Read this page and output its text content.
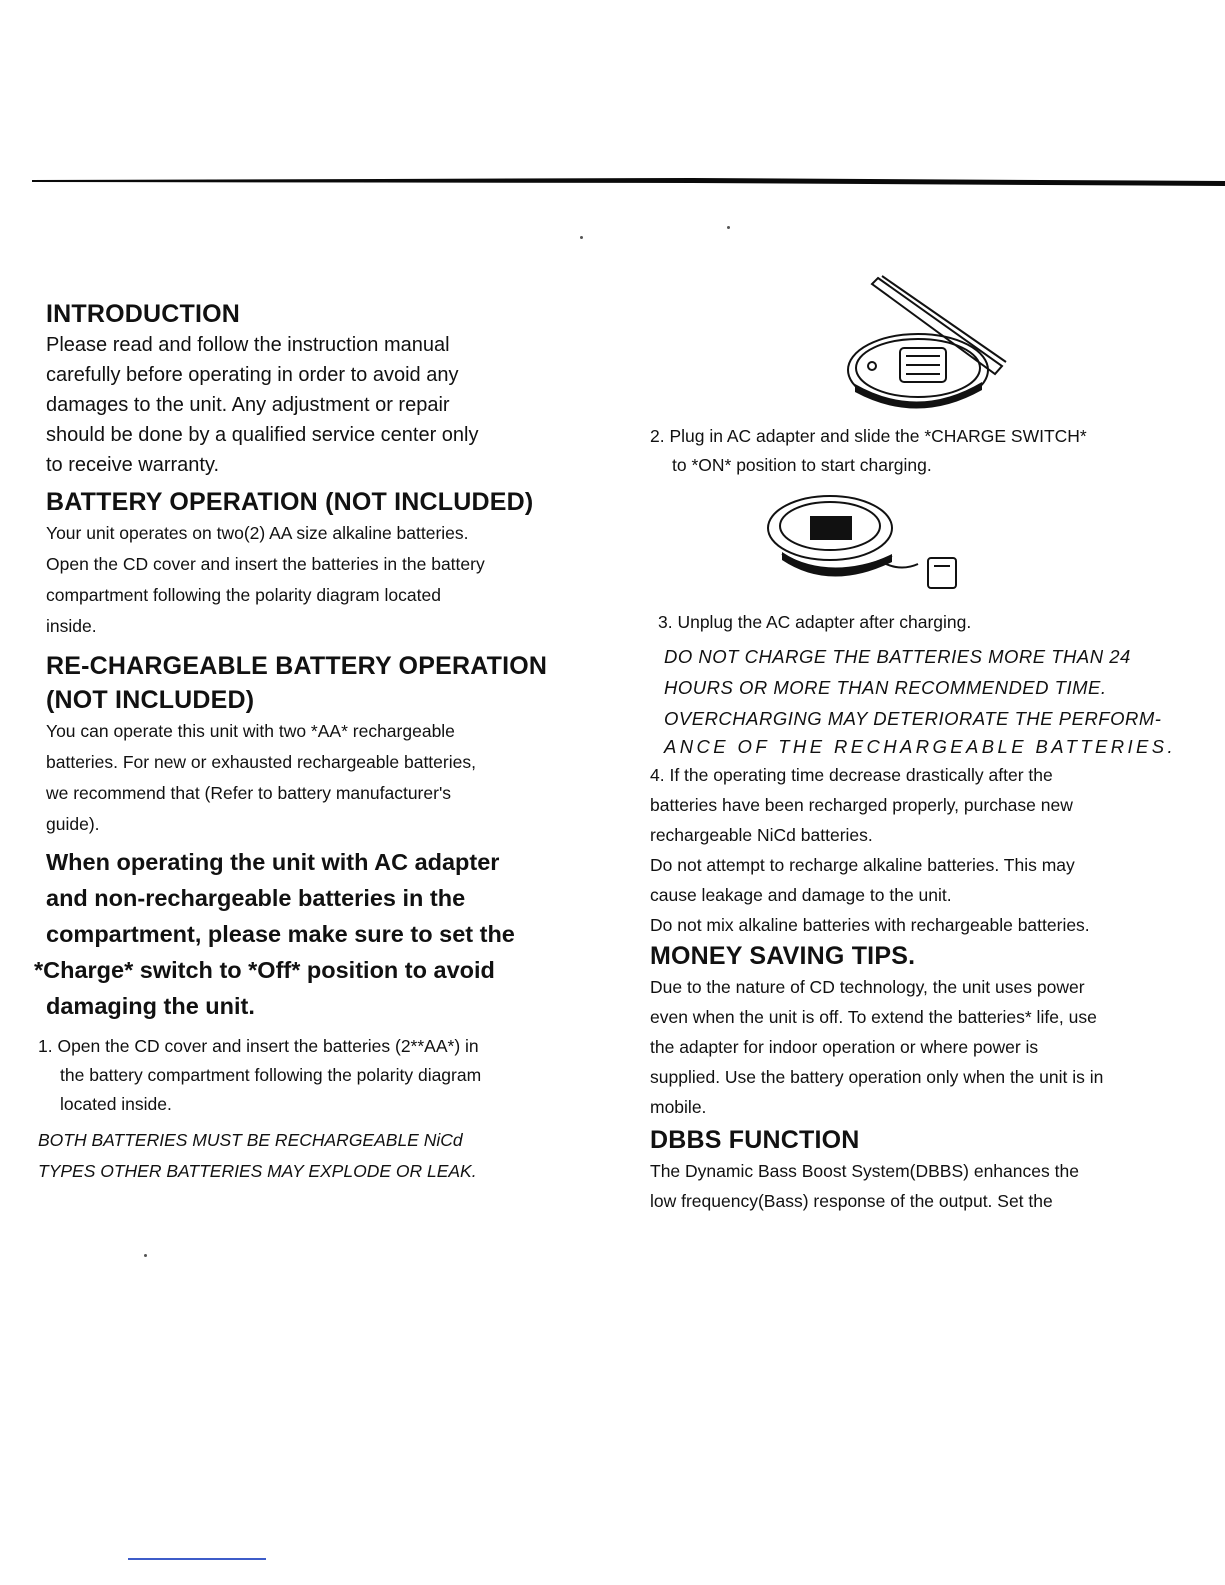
INTRODUCTION

Please read and follow the instruction manual

carefully before operating in order to avoid any

damages to the unit. Any adjustment or repair

should be done by a qualified service center only

to receive warranty.

BATTERY OPERATION (NOT INCLUDED)

Your unit operates on two(2) AA size alkaline batteries.

Open the CD cover and insert the batteries in the battery

compartment following the polarity diagram located

inside.

RE-CHARGEABLE BATTERY OPERATION
(NOT INCLUDED)

You can operate this unit with two *AA* rechargeable

batteries. For new or exhausted rechargeable batteries,

we recommend that (Refer to battery manufacturer's

guide).

When operating the unit with AC adapter
and non-rechargeable batteries in the
compartment, please make sure to set the
*Charge* switch to *Off* position to avoid
damaging the unit.
1. Open the CD cover and insert the batteries (2**AA*) in
the battery compartment following the polarity diagram
located inside.

BOTH BATTERIES MUST BE RECHARGEABLE NiCd

TYPES OTHER BATTERIES MAY EXPLODE OR LEAK.

2. Plug in AC adapter and slide the *CHARGE SWITCH*
to *ON* position to start charging.
3. Unplug the AC adapter after charging.

DO NOT CHARGE THE BATTERIES MORE THAN 24

HOURS OR MORE THAN RECOMMENDED TIME.

OVERCHARGING MAY DETERIORATE THE PERFORM-

ANCE OF THE RECHARGEABLE BATTERIES.

4. If the operating time decrease drastically after the

batteries have been recharged properly, purchase new

rechargeable NiCd batteries.

Do not attempt to recharge alkaline batteries. This may

cause leakage and damage to the unit.

Do not mix alkaline batteries with rechargeable batteries.

MONEY SAVING TIPS.

Due to the nature of CD technology, the unit uses power

even when the unit is off. To extend the batteries* life, use

the adapter for indoor operation or where power is

supplied. Use the battery operation only when the unit is in

mobile.

DBBS FUNCTION

The Dynamic Bass Boost System(DBBS) enhances the

low frequency(Bass) response of the output. Set the
